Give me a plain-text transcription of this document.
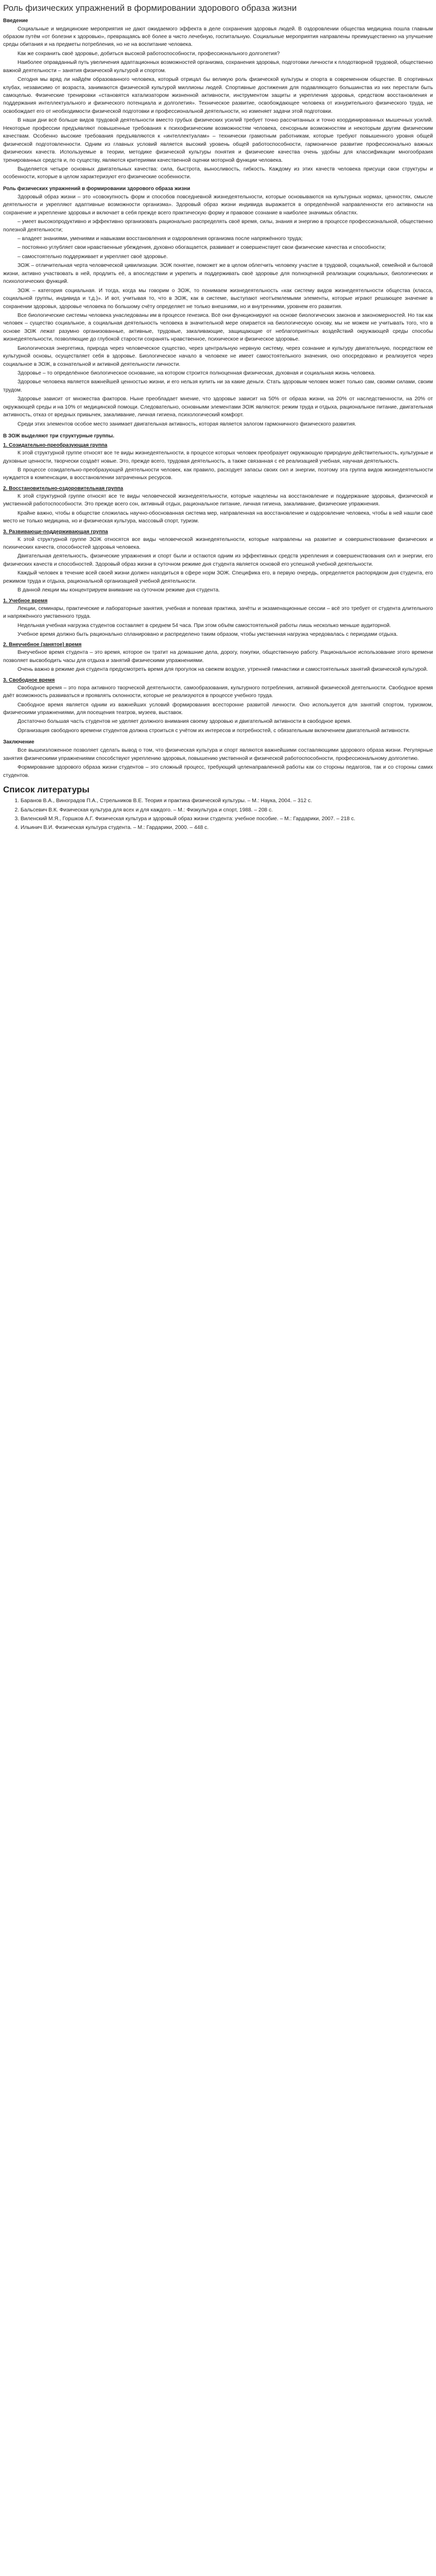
Роль физических упражнений в формировании здорового образа жизни
Введение

Социальные и медицинские мероприятия не дают ожидаемого эффекта в деле сохранения здоровья людей. В оздоровлении общества медицина пошла главным образом путём «от болезни к здоровью», превращаясь всё более в чисто лечебную, госпитальную. Социальные мероприятия направлены преимущественно на улучшение среды обитания и на предметы потребления, но не на воспитание человека.

Как же сохранить своё здоровье, добиться высокой работоспособности, профессионального долголетия?

Наиболее оправданный путь увеличения адаптационных возможностей организма, сохранения здоровья, подготовки личности к плодотворной трудовой, общественно важной деятельности – занятия физической культурой и спортом.

Сегодня мы вряд ли найдём образованного человека, который отрицал бы великую роль физической культуры и спорта в современном обществе. В спортивных клубах, независимо от возраста, занимаются физической культурой миллионы людей. Спортивные достижения для подавляющего большинства из них перестали быть самоцелью. Физические тренировки «становятся катализатором жизненной активности, инструментом защиты и укрепления здоровья, средством восстановления и поддержания интеллектуального и физического потенциала и долголетия». Техническое развитие, освобождающее человека от изнурительного физического труда, не освобождает его от необходимости физической подготовки и профессиональной деятельности, но изменяет задачи этой подготовки.

В наши дни всё больше видов трудовой деятельности вместо грубых физических усилий требует точно рассчитанных и точно координированных мышечных усилий. Некоторые профессии предъявляют повышенные требования к психофизическим возможностям человека, сенсорным возможностям и некоторым другим физическим качествам. Особенно высокие требования предъявляются к «интеллектуалам» – технически грамотным работникам, которые требуют повышенного уровня общей физической подготовленности. Одним из главных условий является высокий уровень общей работоспособности, гармоничное развитие профессионально важных физических качеств. Используемые в теории, методике физической культуры понятия и физические качества очень удобны для классификации многообразия тренированных средств и, по существу, являются критериями качественной оценки моторной функции человека.

Выделяется четыре основных двигательных качества: сила, быстрота, выносливость, гибкость. Каждому из этих качеств человека присущи свои структуры и особенности, которые в целом характеризуют его физические особенности.

Роль физических упражнений в формировании здорового образа жизни

Здоровый образ жизни – это «совокупность форм и способов повседневной жизнедеятельности, которые основываются на культурных нормах, ценностях, смысле деятельности и укрепляют адаптивные возможности организма». Здоровый образ жизни индивида выражается в определённой направленности его активности на сохранение и укрепление здоровья и включает в себя прежде всего практическую форму и правовое сознание в наиболее значимых областях.

– умеет высокопродуктивно и эффективно организовать рационально распределять своё время, силы, знания и энергию в процессе профессиональной, общественно полезной деятельности;

– владеет знаниями, умениями и навыками восстановления и оздоровления организма после напряжённого труда;

– постоянно углубляет свои нравственные убеждения, духовно обогащается, развивает и совершенствует свои физические качества и способности;

– самостоятельно поддерживает и укрепляет своё здоровье.

ЗОЖ – отличительная черта человеческой цивилизации. ЗОЖ понятие, поможет же в целом облегчить человеку участие в трудовой, социальной, семейной и бытовой жизни, активно участвовать в ней, продлить её, а впоследствии и укрепить и поддерживать своё здоровье для полноценной реализации социальных, биологических и психологических функций.

ЗОЖ – категория социальная. И тогда, когда мы говорим о ЗОЖ, то понимаем жизнедеятельность «как систему видов жизнедеятельности общества (класса, социальной группы, индивида и т.д.)». И вот, учитывая то, что в ЗОЖ, как в системе, выступают неотъемлемыми элементы, которые играют решающее значение в сохранении здоровья, здоровье человека по большому счёту определяет не только внешними, но и внутренними, уровнем его развития.

Все биологические системы человека унаследованы им в процессе генезиса. Всё они функционируют на основе биологических законов и закономерностей. Но так как человек – существо социальное, а социальная деятельность человека в значительной мере опирается на биологическую основу, мы не можем не учитывать того, что в основе ЗОЖ лежат разумно организованные, активные, трудовые, закаливающие, защищающие от неблагоприятных воздействий окружающей среды способы жизнедеятельности, позволяющие до глубокой старости сохранять нравственное, психическое и физическое здоровье.

Биологическая энергетика, природа через человеческое существо, через центральную нервную систему, через сознание и культуру двигательную, посредством её культурной основы, осуществляет себя в здоровье. Биологическое начало в человеке не имеет самостоятельного значения, оно опосредовано и реализуется через социальное в ЗОЖ, в сознательной и активной деятельности личности.

Здоровье – то определённое биологическое основание, на котором строится полноценная физическая, духовная и социальная жизнь человека.

Здоровье человека является важнейшей ценностью жизни, и его нельзя купить ни за какие деньги. Стать здоровым человек может только сам, своими силами, своим трудом.

Здоровье зависит от множества факторов. Ныне преобладает мнение, что здоровье зависит на 50% от образа жизни, на 20% от наследственности, на 20% от окружающей среды и на 10% от медицинской помощи. Следовательно, основными элементами ЗОЖ являются: режим труда и отдыха, рациональное питание, двигательная активность, отказ от вредных привычек, закаливание, личная гигиена, психологический комфорт.

Среди этих элементов особое место занимает двигательная активность, которая является залогом гармоничного физического развития.

В ЗОЖ выделяют три структурные группы.
1. Созидательно-преобразующая группа

К этой структурной группе относят все те виды жизнедеятельности, в процессе которых человек преобразует окружающую природную действительность, культурные и духовные ценности, творчески создаёт новые. Это, прежде всего, трудовая деятельность, а также связанная с её реализацией учебная, научная деятельность.

В процессе созидательно-преобразующей деятельности человек, как правило, расходует запасы своих сил и энергии, поэтому эта группа видов жизнедеятельности нуждается в компенсации, в восстановлении затраченных ресурсов.

2. Восстановительно-оздоровительная группа

К этой структурной группе относят все те виды человеческой жизнедеятельности, которые нацелены на восстановление и поддержание здоровья, физической и умственной работоспособности. Это прежде всего сон, активный отдых, рациональное питание, личная гигиена, закаливание, физические упражнения.

Крайне важно, чтобы в обществе сложилась научно-обоснованная система мер, направленная на восстановление и оздоровление человека, чтобы в ней нашли своё место не только медицина, но и физическая культура, массовый спорт, туризм.

3. Развивающе-поддерживающая группа

К этой структурной группе ЗОЖ относятся все виды человеческой жизнедеятельности, которые направлены на развитие и совершенствование физических и психических качеств, способностей здоровья человека.

Двигательная деятельность, физические упражнения и спорт были и остаются одним из эффективных средств укрепления и совершенствования сил и энергии, его физических качеств и способностей. Здоровый образ жизни в суточном режиме дня студента является основой его успешной учебной деятельности.

Каждый человек в течение всей своей жизни должен находиться в сфере норм ЗОЖ. Специфика его, в первую очередь, определяется распорядком дня студента, его режимом труда и отдыха, рациональной организацией учебной деятельности.

В данной лекции мы концентрируем внимание на суточном режиме дня студента.

1. Учебное время

Лекции, семинары, практические и лабораторные занятия, учебная и полевая практика, зачёты и экзаменационные сессии – всё это требует от студента длительного и напряжённого умственного труда.

Недельная учебная нагрузка студентов составляет в среднем 54 часа. При этом объём самостоятельной работы лишь несколько меньше аудиторной.

Учебное время должно быть рационально спланировано и распределено таким образом, чтобы умственная нагрузка чередовалась с периодами отдыха.

2. Внеучебное (занятое) время

Внеучебное время студента – это время, которое он тратит на домашние дела, дорогу, покупки, общественную работу. Рациональное использование этого времени позволяет высвободить часы для отдыха и занятий физическими упражнениями.

Очень важно в режиме дня студента предусмотреть время для прогулок на свежем воздухе, утренней гимнастики и самостоятельных занятий физической культурой.

3. Свободное время

Свободное время – это пора активного творческой деятельности, самообразования, культурного потребления, активной физической деятельности. Свободное время даёт возможность развиваться и проявлять склонности, которые не реализуются в процессе учебного труда.

Свободное время является одним из важнейших условий формирования всесторонне развитой личности. Оно используется для занятий спортом, туризмом, физическими упражнениями, для посещения театров, музеев, выставок.

Достаточно большая часть студентов не уделяет должного внимания своему здоровью и двигательной активности в свободное время.

Организация свободного времени студентов должна строиться с учётом их интересов и потребностей, с обязательным включением двигательной активности.

Заключение

Все вышеизложенное позволяет сделать вывод о том, что физическая культура и спорт являются важнейшими составляющими здорового образа жизни. Регулярные занятия физическими упражнениями способствуют укреплению здоровья, повышению умственной и физической работоспособности, профессиональному долголетию.

Формирование здорового образа жизни студентов – это сложный процесс, требующий целенаправленной работы как со стороны педагогов, так и со стороны самих студентов.

Список литературы
1. Баранов В.А., Виноградов П.А., Стрельников В.Е. Теория и практика физической культуры. – М.: Наука, 2004. – 312 с.
2. Бальсевич В.К. Физическая культура для всех и для каждого. – М.: Физкультура и спорт, 1988. – 208 с.
3. Виленский М.Я., Горшков А.Г. Физическая культура и здоровый образ жизни студента: учебное пособие. – М.: Гардарики, 2007. – 218 с.
4. Ильинич В.И. Физическая культура студента. – М.: Гардарики, 2000. – 448 с.
